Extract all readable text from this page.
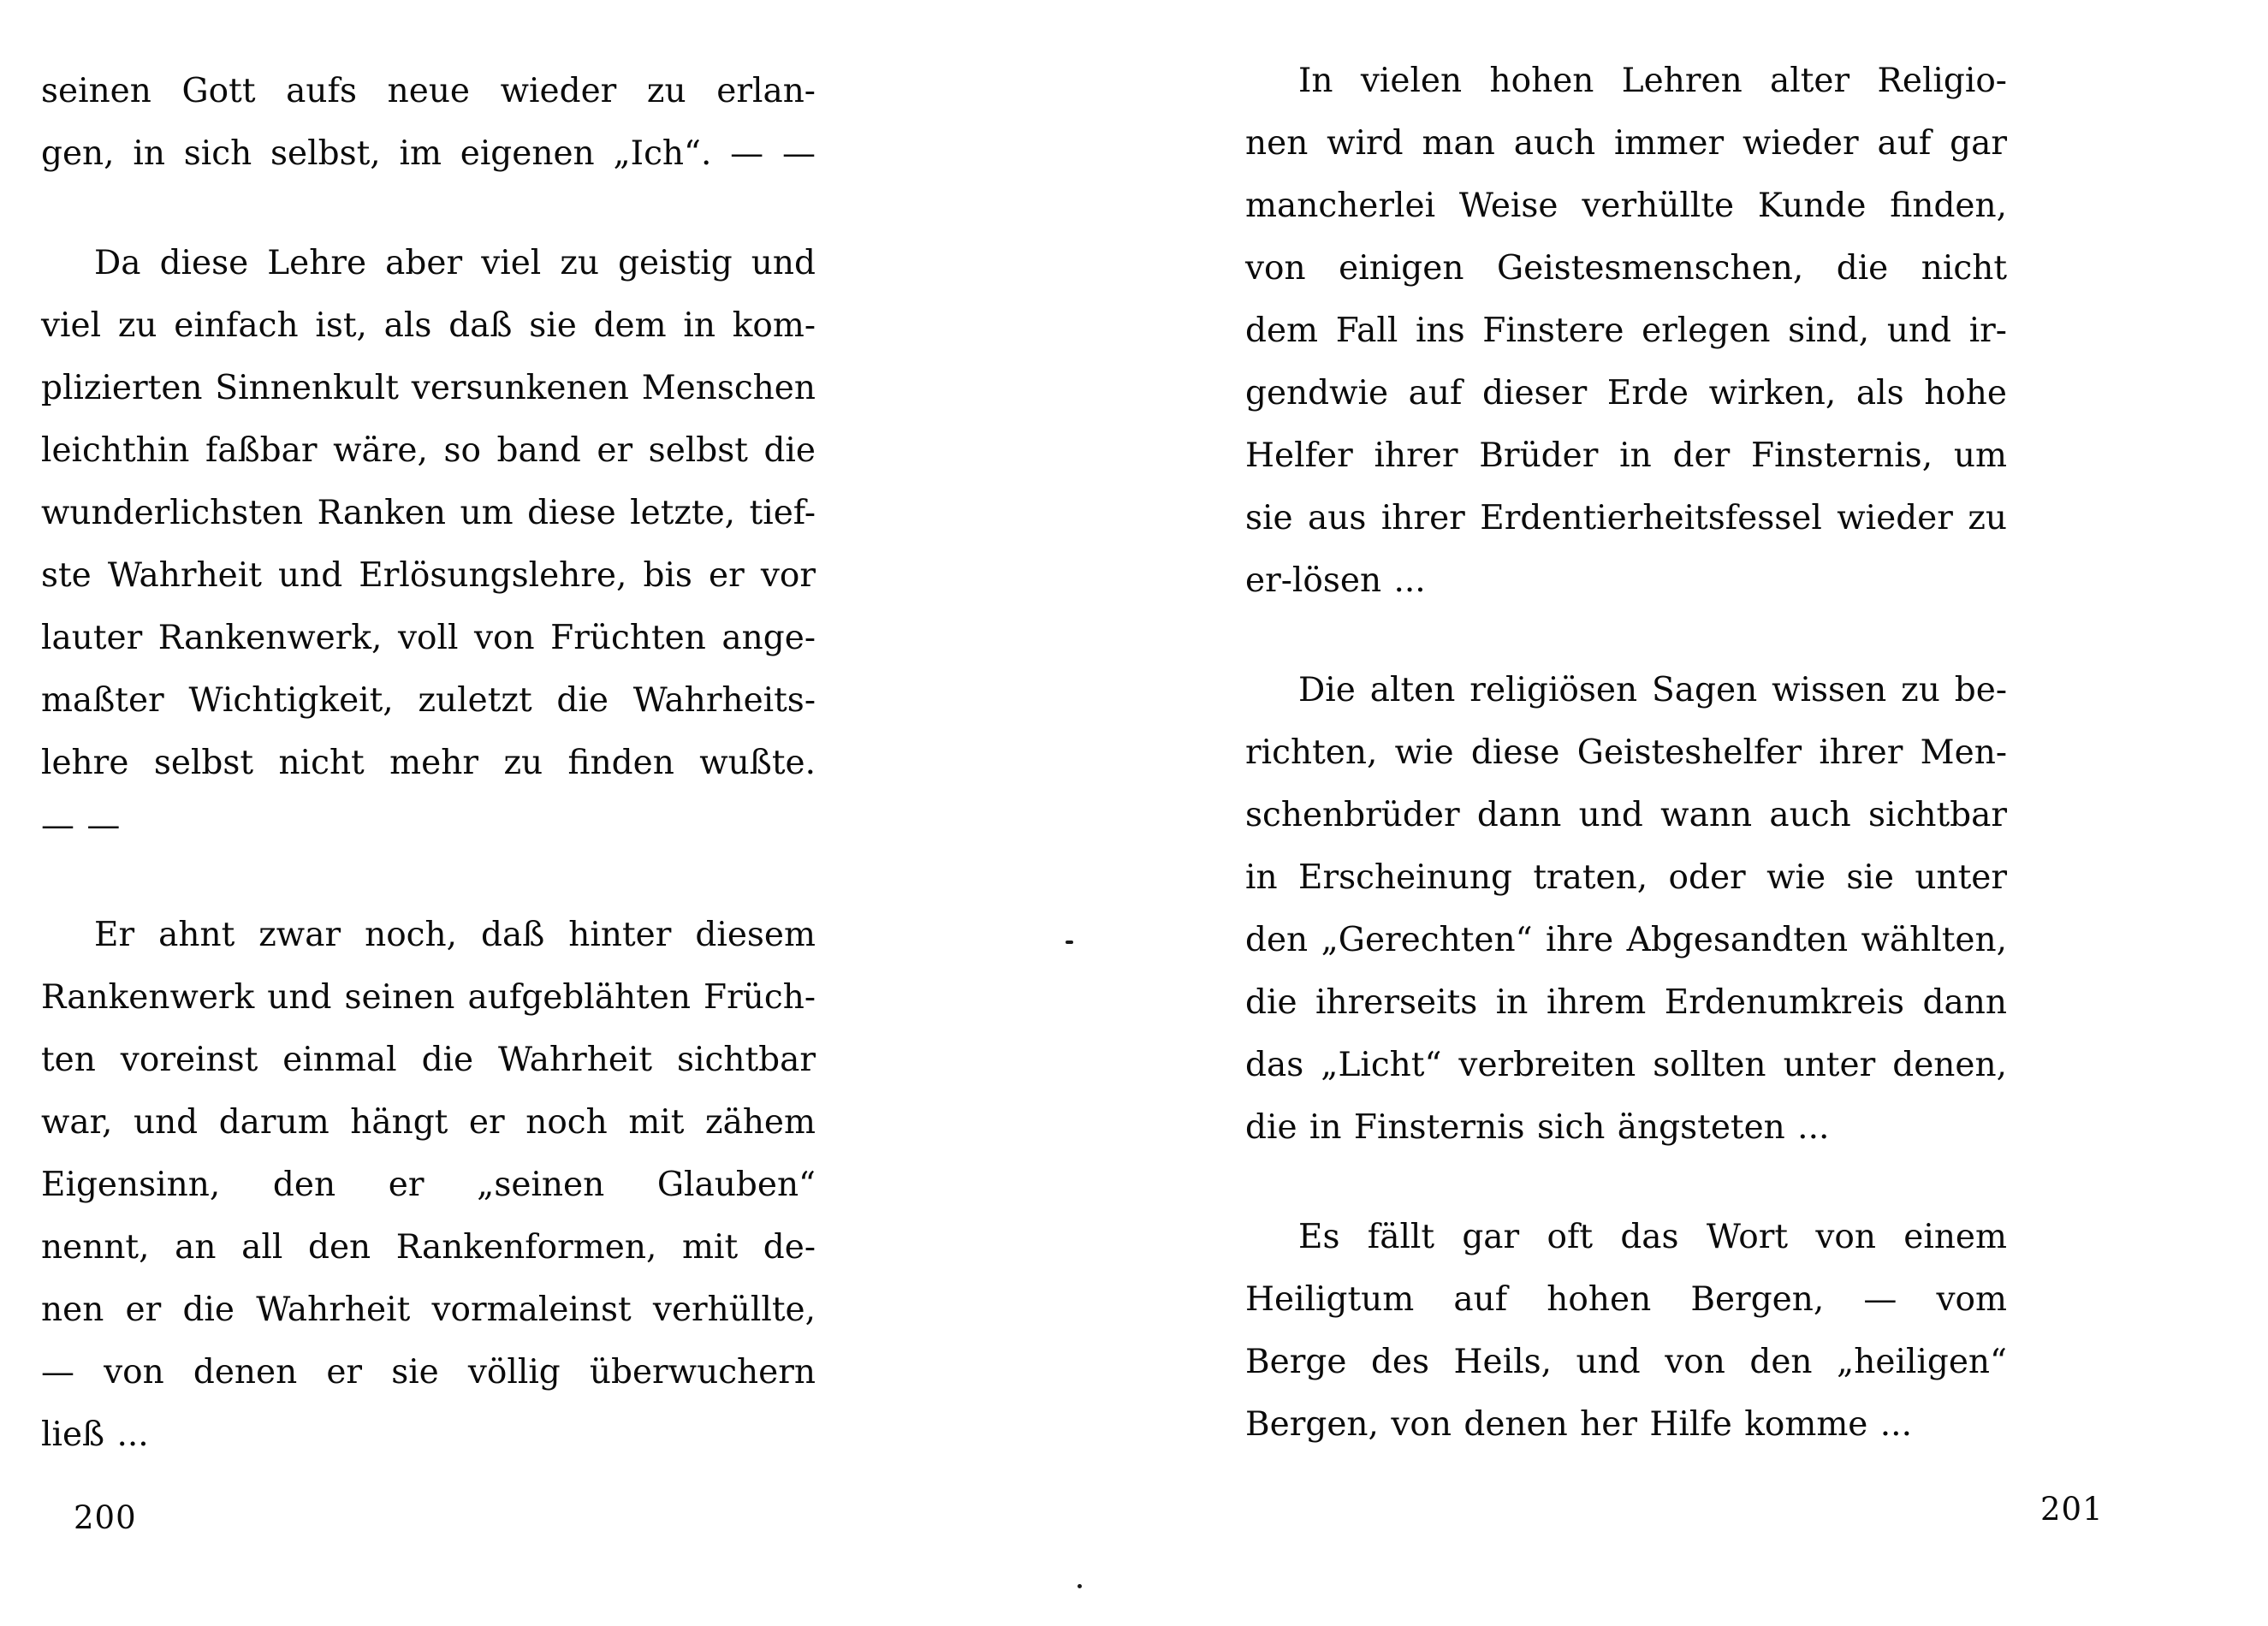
seinen Gott aufs neue wieder zu erlan-
gen, in sich selbst, im eigenen „Ich“. — —
Da diese Lehre aber viel zu geistig und
viel zu einfach ist, als daß sie dem in kom-
plizierten Sinnenkult versunkenen Menschen
leichthin faßbar wäre, so band er selbst die
wunderlichsten Ranken um diese letzte, tief-
ste Wahrheit und Erlösungslehre, bis er vor
lauter Rankenwerk, voll von Früchten ange-
maßter Wichtigkeit, zuletzt die Wahrheits-
lehre selbst nicht mehr zu finden wußte.
— —
Er ahnt zwar noch, daß hinter diesem
Rankenwerk und seinen aufgeblähten Früch-
ten voreinst einmal die Wahrheit sichtbar
war, und darum hängt er noch mit zähem
Eigensinn, den er „seinen Glauben“
nennt, an all den Rankenformen, mit de-
nen er die Wahrheit vormaleinst verhüllte,
— von denen er sie völlig überwuchern
ließ ...
In vielen hohen Lehren alter Religio-
nen wird man auch immer wieder auf gar
mancherlei Weise verhüllte Kunde finden,
von einigen Geistesmenschen, die nicht
dem Fall ins Finstere erlegen sind, und ir-
gendwie auf dieser Erde wirken, als hohe
Helfer ihrer Brüder in der Finsternis, um
sie aus ihrer Erdentierheitsfessel wieder zu
er-lösen ...
Die alten religiösen Sagen wissen zu be-
richten, wie diese Geisteshelfer ihrer Men-
schenbrüder dann und wann auch sichtbar
in Erscheinung traten, oder wie sie unter
den „Gerechten“ ihre Abgesandten wählten,
die ihrerseits in ihrem Erdenumkreis dann
das „Licht“ verbreiten sollten unter denen,
die in Finsternis sich ängsteten ...
Es fällt gar oft das Wort von einem
Heiligtum auf hohen Bergen, — vom
Berge des Heils, und von den „heiligen“
Bergen, von denen her Hilfe komme ...
200	201
